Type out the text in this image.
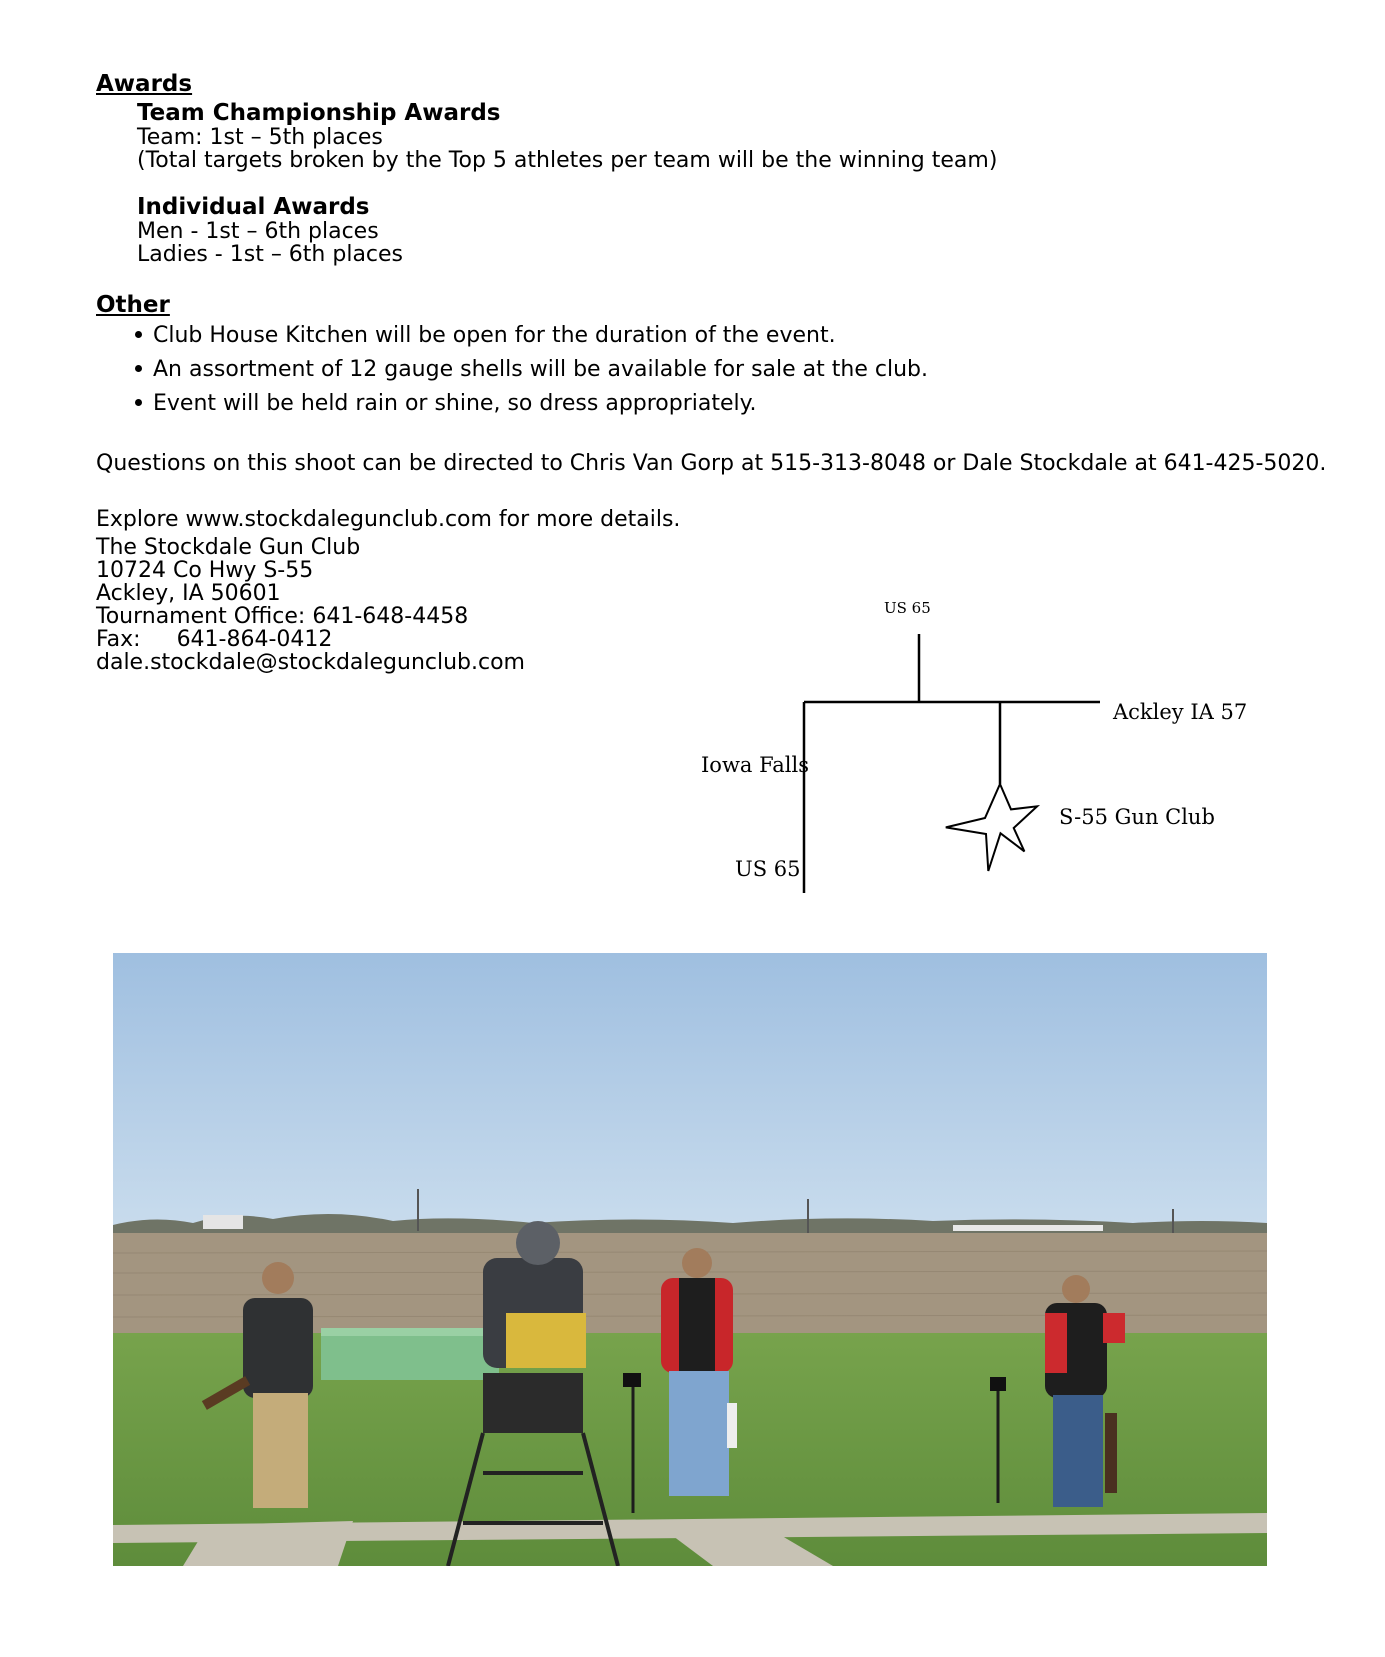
Awards
Team Championship Awards
Team: 1st – 5th places
(Total targets broken by the Top 5 athletes per team will be the winning team)
Individual Awards
Men - 1st – 6th places
Ladies - 1st – 6th places
Other
Club House Kitchen will be open for the duration of the event.
An assortment of 12 gauge shells will be available for sale at the club.
Event will be held rain or shine, so dress appropriately.
Questions on this shoot can be directed to Chris Van Gorp at 515-313-8048 or Dale Stockdale at 641-425-5020.
Explore www.stockdalegunclub.com for more details.
The Stockdale Gun Club
10724 Co Hwy S-55
Ackley, IA 50601
Tournament Office: 641-648-4458
Fax: 641-864-0412
dale.stockdale@stockdalegunclub.com
US 65
Ackley IA 57
Iowa Falls
S-55 Gun Club
US 65
